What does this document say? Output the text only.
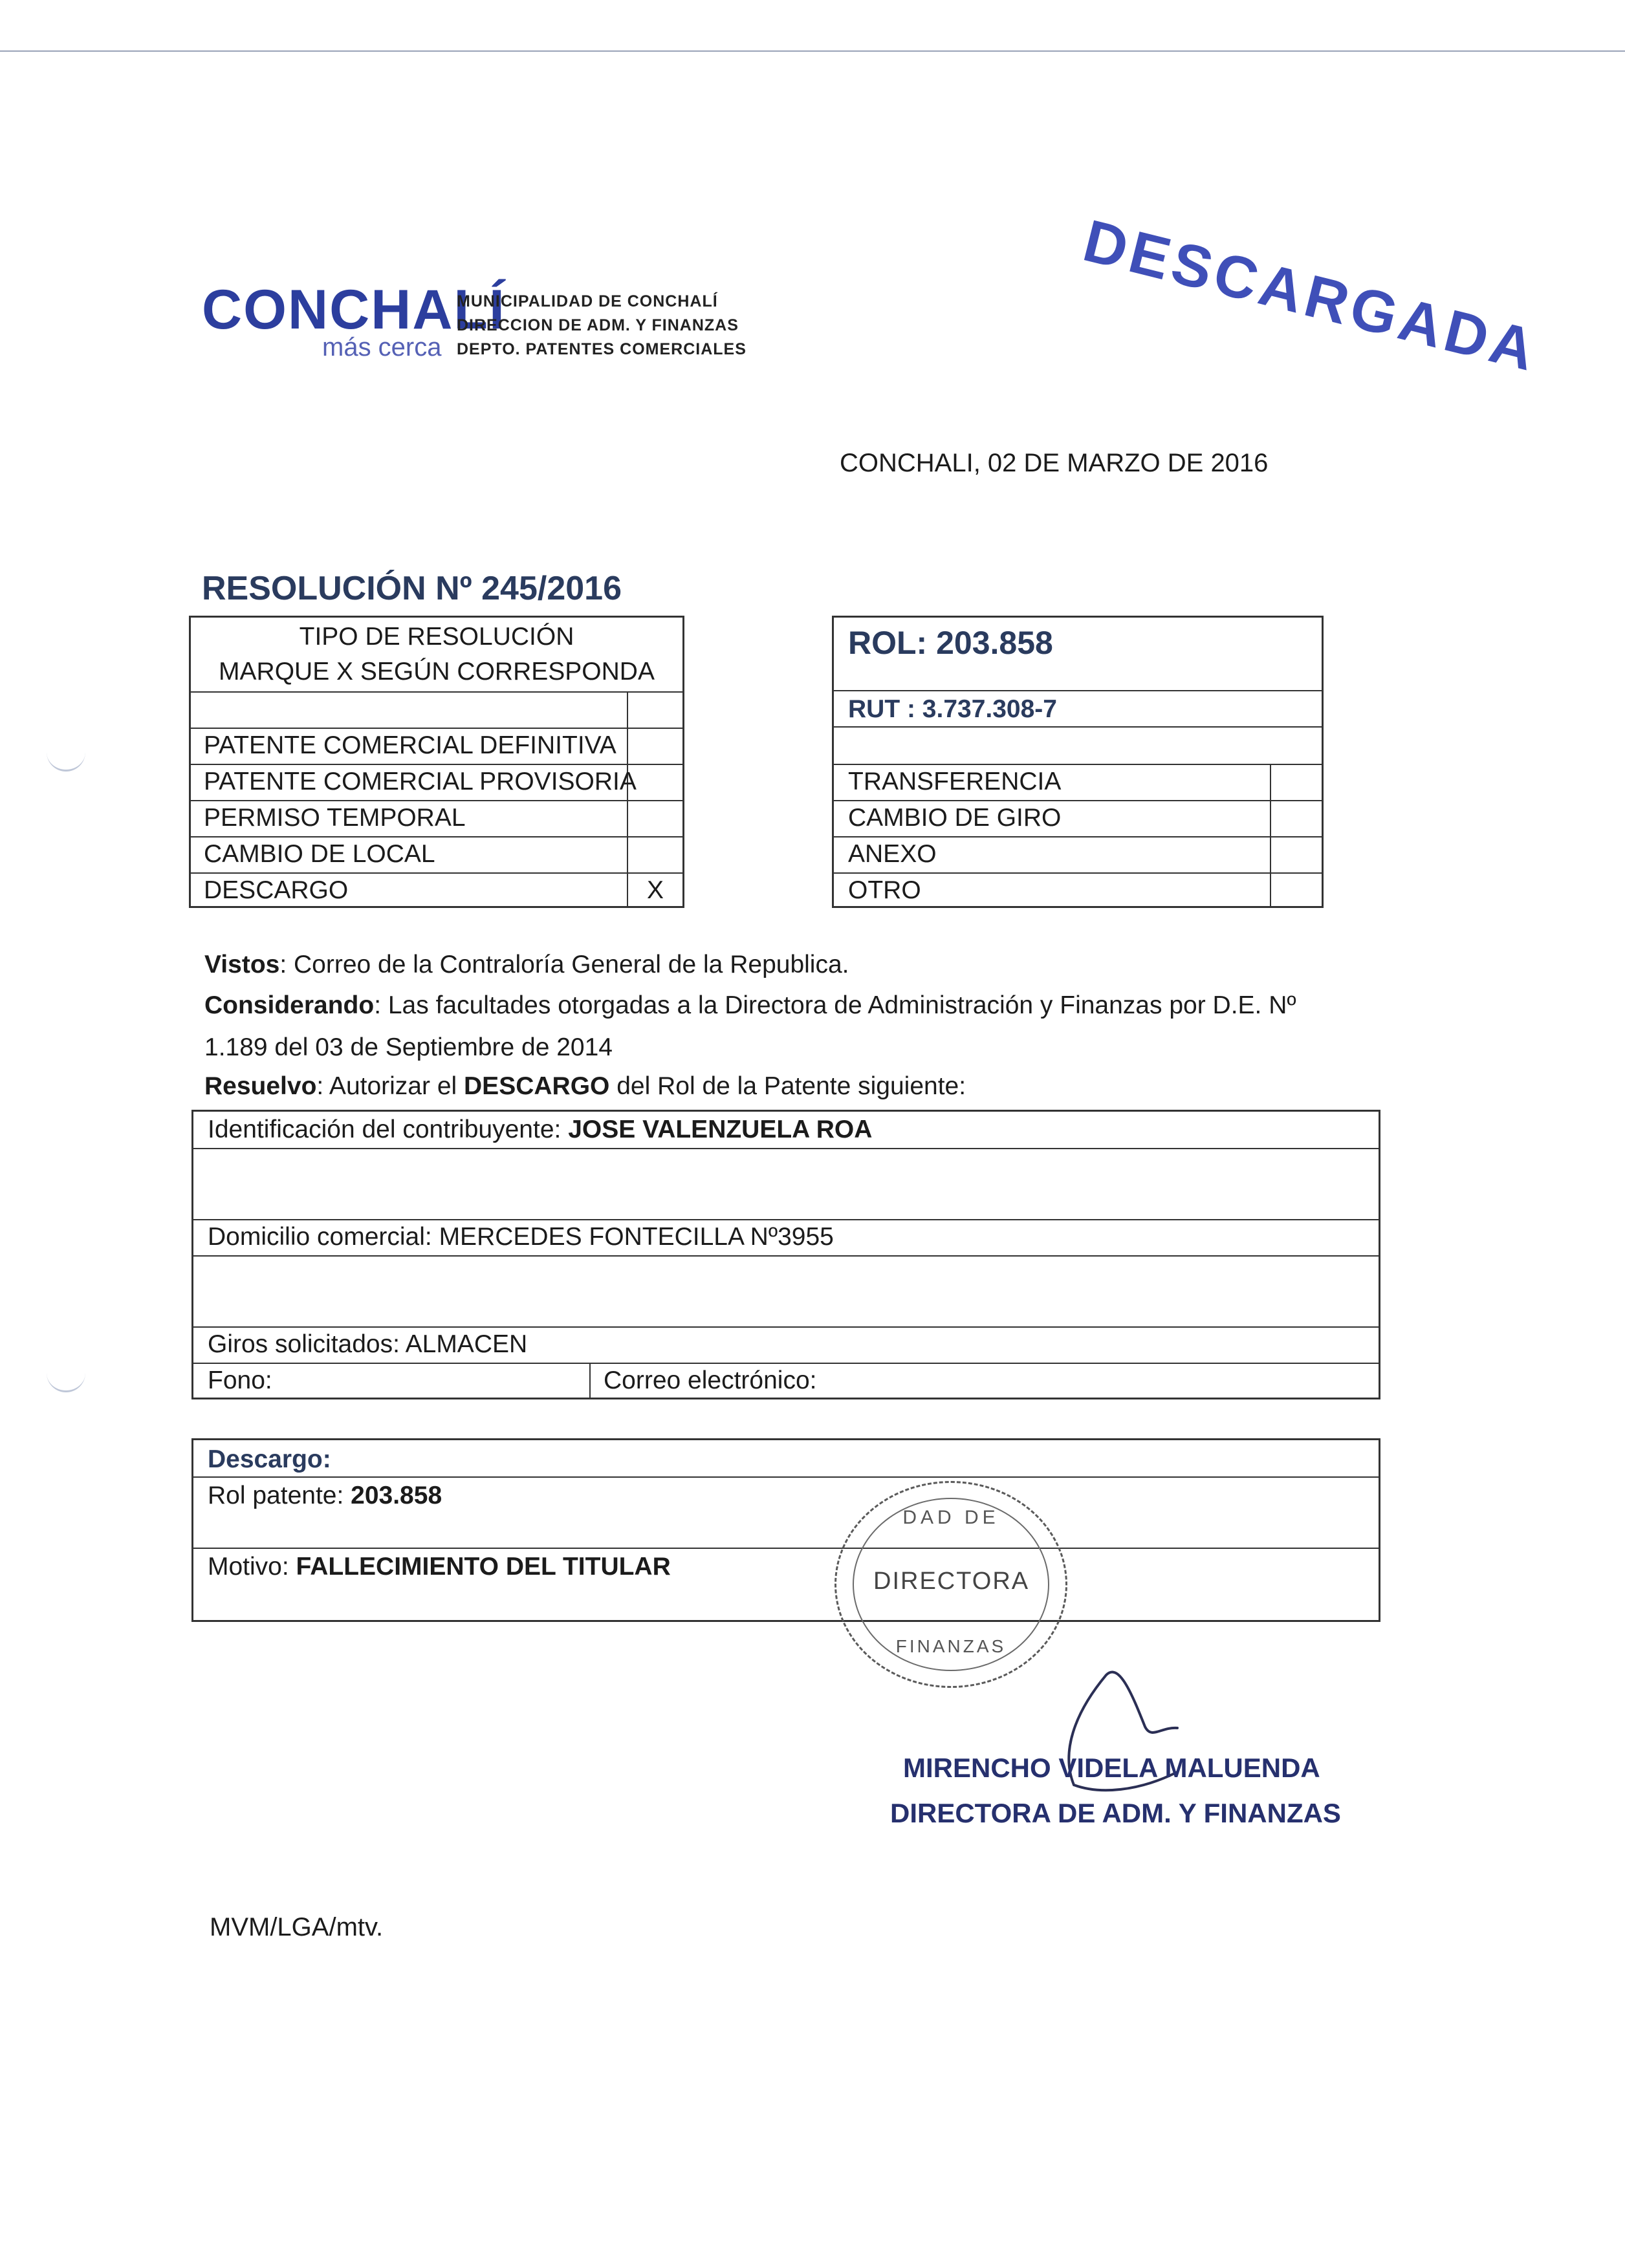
CONCHALÍ
más cerca
MUNICIPALIDAD DE CONCHALÍ
DIRECCION DE ADM. Y FINANZAS
DEPTO. PATENTES COMERCIALES	DESCARGADA
CONCHALI, 02 DE MARZO DE 2016
RESOLUCIÓN Nº 245/2016
TIPO DE RESOLUCIÓN
MARQUE X SEGÚN CORRESPONDA
PATENTE COMERCIAL DEFINITIVA
PATENTE COMERCIAL PROVISORIA
PERMISO TEMPORAL
CAMBIO DE LOCAL
DESCARGO	X
ROL: 203.858
RUT : 3.737.308-7
TRANSFERENCIA
CAMBIO DE GIRO
ANEXO
OTRO
Vistos: Correo de la Contraloría General de la Republica.
Considerando: Las facultades otorgadas a la Directora de Administración y Finanzas por D.E. Nº
1.189 del 03 de Septiembre de 2014
Resuelvo: Autorizar el DESCARGO del Rol de la Patente siguiente:
Identificación del contribuyente: JOSE VALENZUELA ROA
Domicilio comercial: MERCEDES FONTECILLA Nº3955
Giros solicitados: ALMACEN
Fono:	Correo electrónico:
Descargo:
Rol patente: 203.858
Motivo: FALLECIMIENTO DEL TITULAR
DAD DE
DIRECTORA
FINANZAS
MIRENCHO VIDELA MALUENDA
DIRECTORA DE ADM. Y FINANZAS
MVM/LGA/mtv.
